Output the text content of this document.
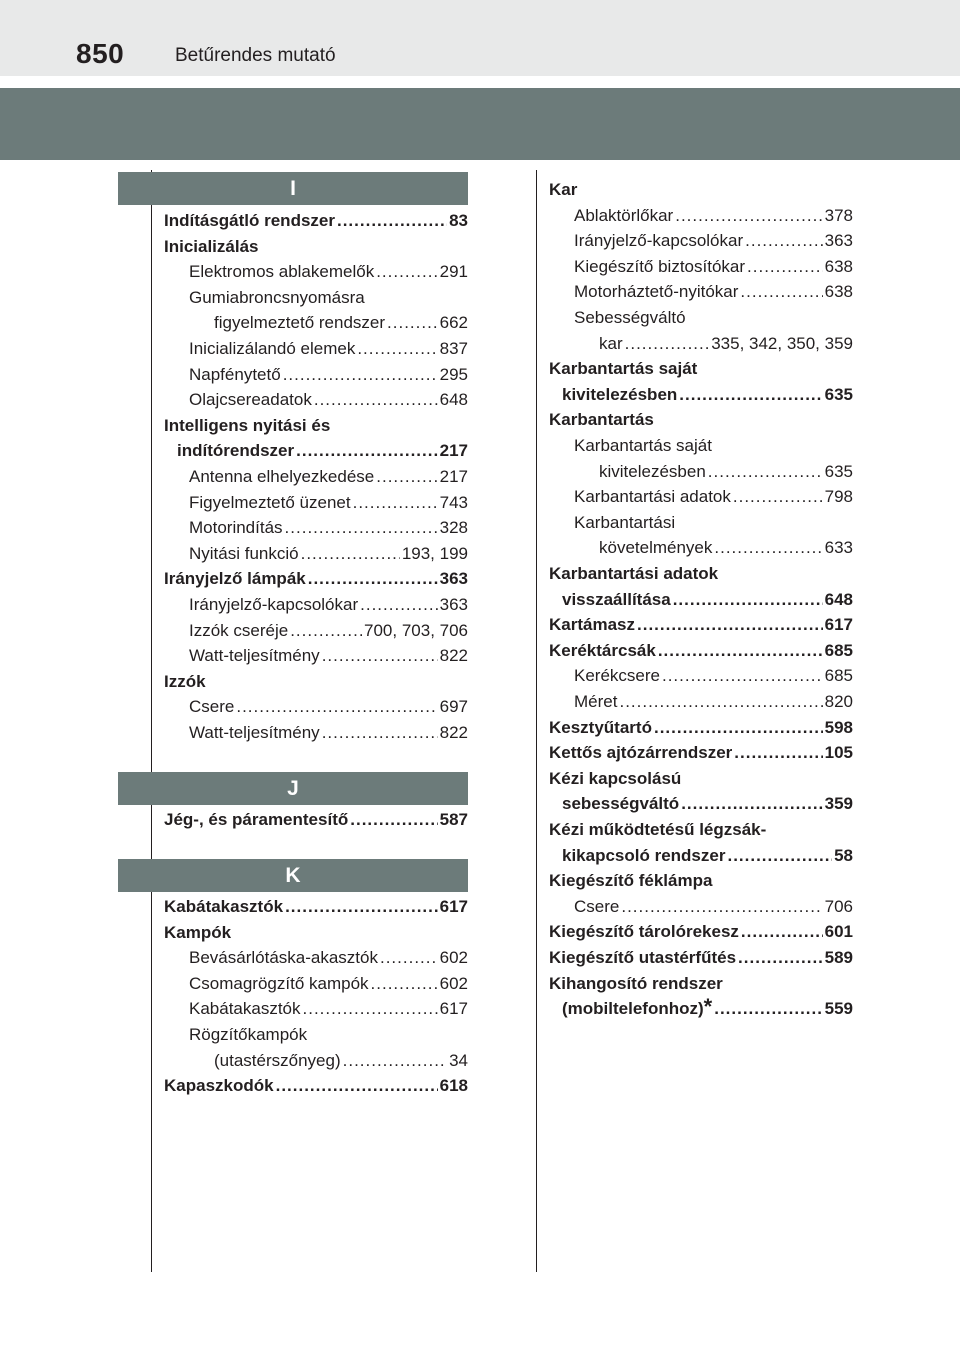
850	Betűrendes mutató
I
J
K
Indításgátló rendszer .....	83
Inicializálás
Elektromos ablakemelők .....	291
Gumiabroncsnyomásra
figyelmeztető rendszer .....	662
Inicializálandó elemek .....	837
Napfénytető .....	295
Olajcsereadatok .....	648
Intelligens nyitási és
indítórendszer .....	217
Antenna elhelyezkedése .....	217
Figyelmeztető üzenet .....	743
Motorindítás .....	328
Nyitási funkció .....	193, 199
Irányjelző lámpák .....	363
Irányjelző-kapcsolókar .....	363
Izzók cseréje .....	700, 703, 706
Watt-teljesítmény .....	822
Izzók
Csere .....	697
Watt-teljesítmény .....	822
Jég-, és páramentesítő .....	587
Kabátakasztók .....	617
Kampók
Bevásárlótáska-akasztók .....	602
Csomagrögzítő kampók .....	602
Kabátakasztók .....	617
Rögzítőkampók
(utastérszőnyeg) .....	34
Kapaszkodók .....	618
Kar
Ablaktörlőkar .....	378
Irányjelző-kapcsolókar .....	363
Kiegészítő biztosítókar .....	638
Motorháztető-nyitókar .....	638
Sebességváltó
kar .....	335, 342, 350, 359
Karbantartás saját
kivitelezésben .....	635
Karbantartás
Karbantartás saját
kivitelezésben .....	635
Karbantartási adatok .....	798
Karbantartási
követelmények .....	633
Karbantartási adatok
visszaállítása .....	648
Kartámasz .....	617
Keréktárcsák .....	685
Kerékcsere .....	685
Méret .....	820
Kesztyűtartó .....	598
Kettős ajtózárrendszer .....	105
Kézi kapcsolású
sebességváltó .....	359
Kézi működtetésű légzsák-
kikapcsoló rendszer .....	58
Kiegészítő féklámpa
Csere .....	706
Kiegészítő tárolórekesz .....	601
Kiegészítő utastérfűtés .....	589
Kihangosító rendszer
(mobiltelefonhoz) * .....	559
